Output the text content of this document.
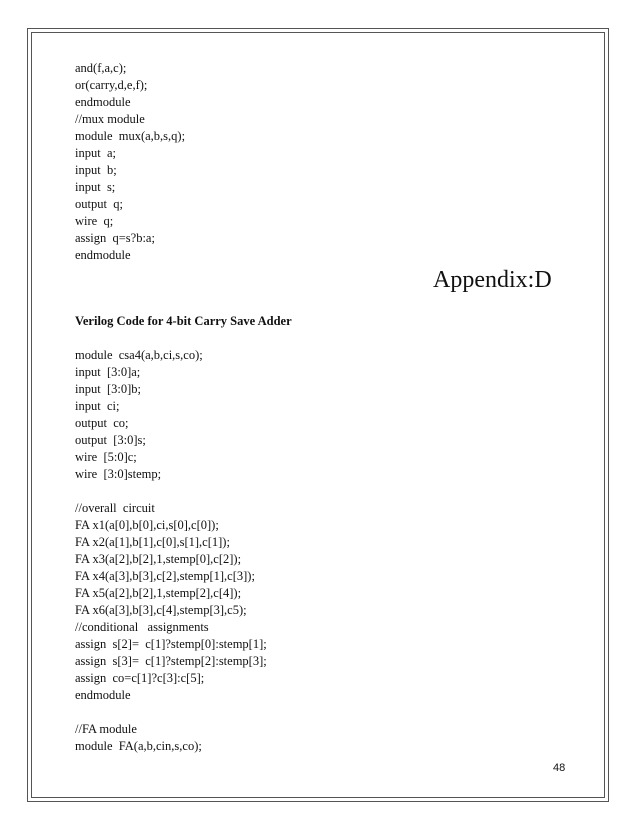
and(f,a,c);
or(carry,d,e,f);
endmodule
//mux module
module  mux(a,b,s,q);
input  a;
input  b;
input  s;
output  q;
wire  q;
assign  q=s?b:a;
endmodule
Appendix:D
Verilog Code for 4-bit Carry Save Adder
module  csa4(a,b,ci,s,co);
input  [3:0]a;
input  [3:0]b;
input  ci;
output  co;
output  [3:0]s;
wire  [5:0]c;
wire  [3:0]stemp;
//overall  circuit
FA x1(a[0],b[0],ci,s[0],c[0]);
FA x2(a[1],b[1],c[0],s[1],c[1]);
FA x3(a[2],b[2],1,stemp[0],c[2]);
FA x4(a[3],b[3],c[2],stemp[1],c[3]);
FA x5(a[2],b[2],1,stemp[2],c[4]);
FA x6(a[3],b[3],c[4],stemp[3],c5);
//conditional   assignments
assign  s[2]=  c[1]?stemp[0]:stemp[1];
assign  s[3]=  c[1]?stemp[2]:stemp[3];
assign  co=c[1]?c[3]:c[5];
endmodule
//FA module
module  FA(a,b,cin,s,co);
48
